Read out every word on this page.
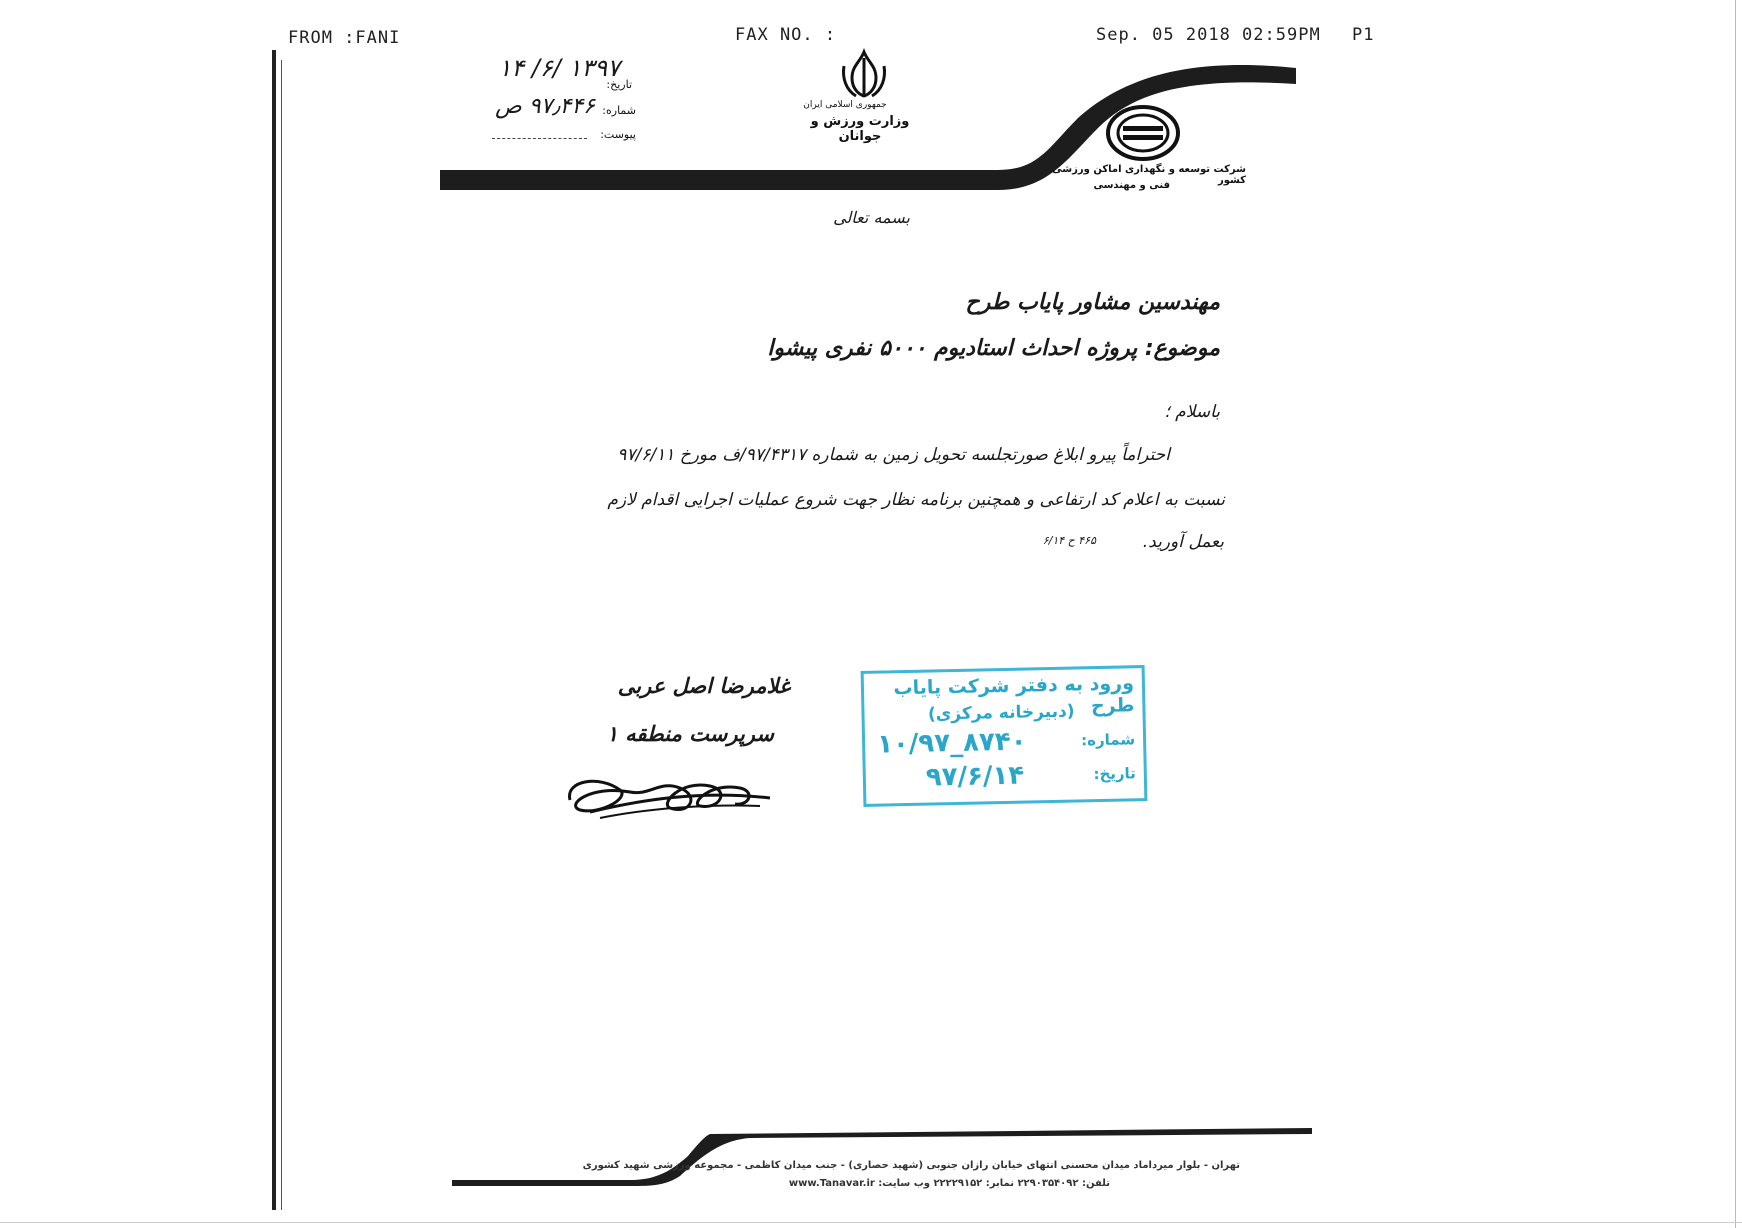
FROM :FANI	FAX NO. :	Sep. 05 2018 02:59PM P1
تاریخ:
۱۳۹۷ /۶/ ۱۴
شماره:
۹۷٫۴۴۶ ص
پیوست:
جمهوری اسلامی ایران
وزارت ورزش و جوانان
شرکت توسعه و نگهداری اماکن ورزشی کشور
فنی و مهندسی
بسمه تعالی
مهندسین مشاور پایاب طرح
موضوع: پروژه احداث استادیوم ۵۰۰۰ نفری پیشوا
باسلام ؛
احتراماً پیرو ابلاغ صورتجلسه تحویل زمین به شماره ۹۷/۴۳۱۷/ف مورخ ۹۷/۶/۱۱
نسبت به اعلام کد ارتفاعی و همچنین برنامه نظار جهت شروع عملیات اجرایی اقدام لازم
بعمل آورید.
۴۶۵ ح ۶/۱۴
غلامرضا اصل عربی
سرپرست منطقه ۱
ورود به دفتر شرکت پایاب طرح
(دبیرخانه مرکزی)
شماره:
۱۰/۹۷_۸۷۴۰
تاریخ:
۹۷/۶/۱۴
تهران - بلوار میرداماد میدان محسنی انتهای خیابان رازان جنوبی (شهید حصاری) - جنب میدان کاظمی - مجموعه ورزشی شهید کشوری
تلفن: ۲۲۹۰۳۵۴۰۹۲ نمابر: ۲۲۲۲۹۱۵۲ وب سایت: www.Tanavar.ir
